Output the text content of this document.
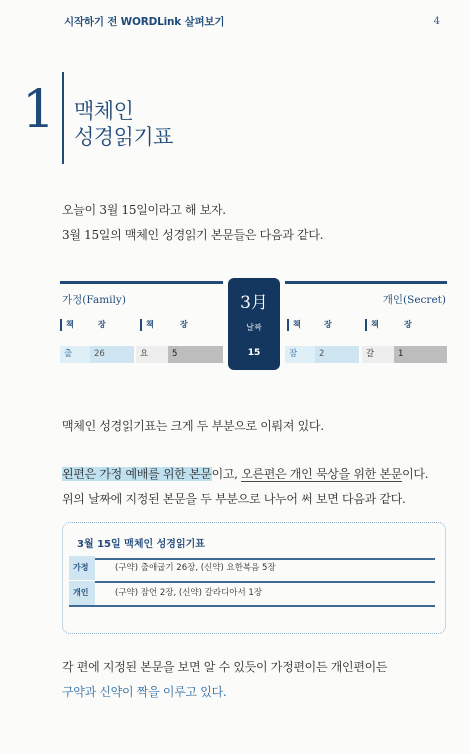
시작하기 전 WORDLink 살펴보기	4
1 맥체인
성경읽기표
오늘이 3월 15일이라고 해 보자.
3월 15일의 맥체인 성경읽기 본문들은 다음과 같다.
가정(Family)	개인(Secret)
책	장	책	장	책	장	책	장
출	26	요	5	잠	2	갈	1
3月
날짜
15
맥체인 성경읽기표는 크게 두 부분으로 이뤄져 있다.
왼편은 가정 예배를 위한 본문이고, 오른편은 개인 묵상을 위한 본문이다.
위의 날짜에 지정된 본문을 두 부분으로 나누어 써 보면 다음과 같다.
3월 15일 맥체인 성경읽기표
가정	(구약) 출애굽기 26장, (신약) 요한복음 5장
개인	(구약) 잠언 2장, (신약) 갈라디아서 1장
각 편에 지정된 본문을 보면 알 수 있듯이 가정편이든 개인편이든
구약과 신약이 짝을 이루고 있다.
